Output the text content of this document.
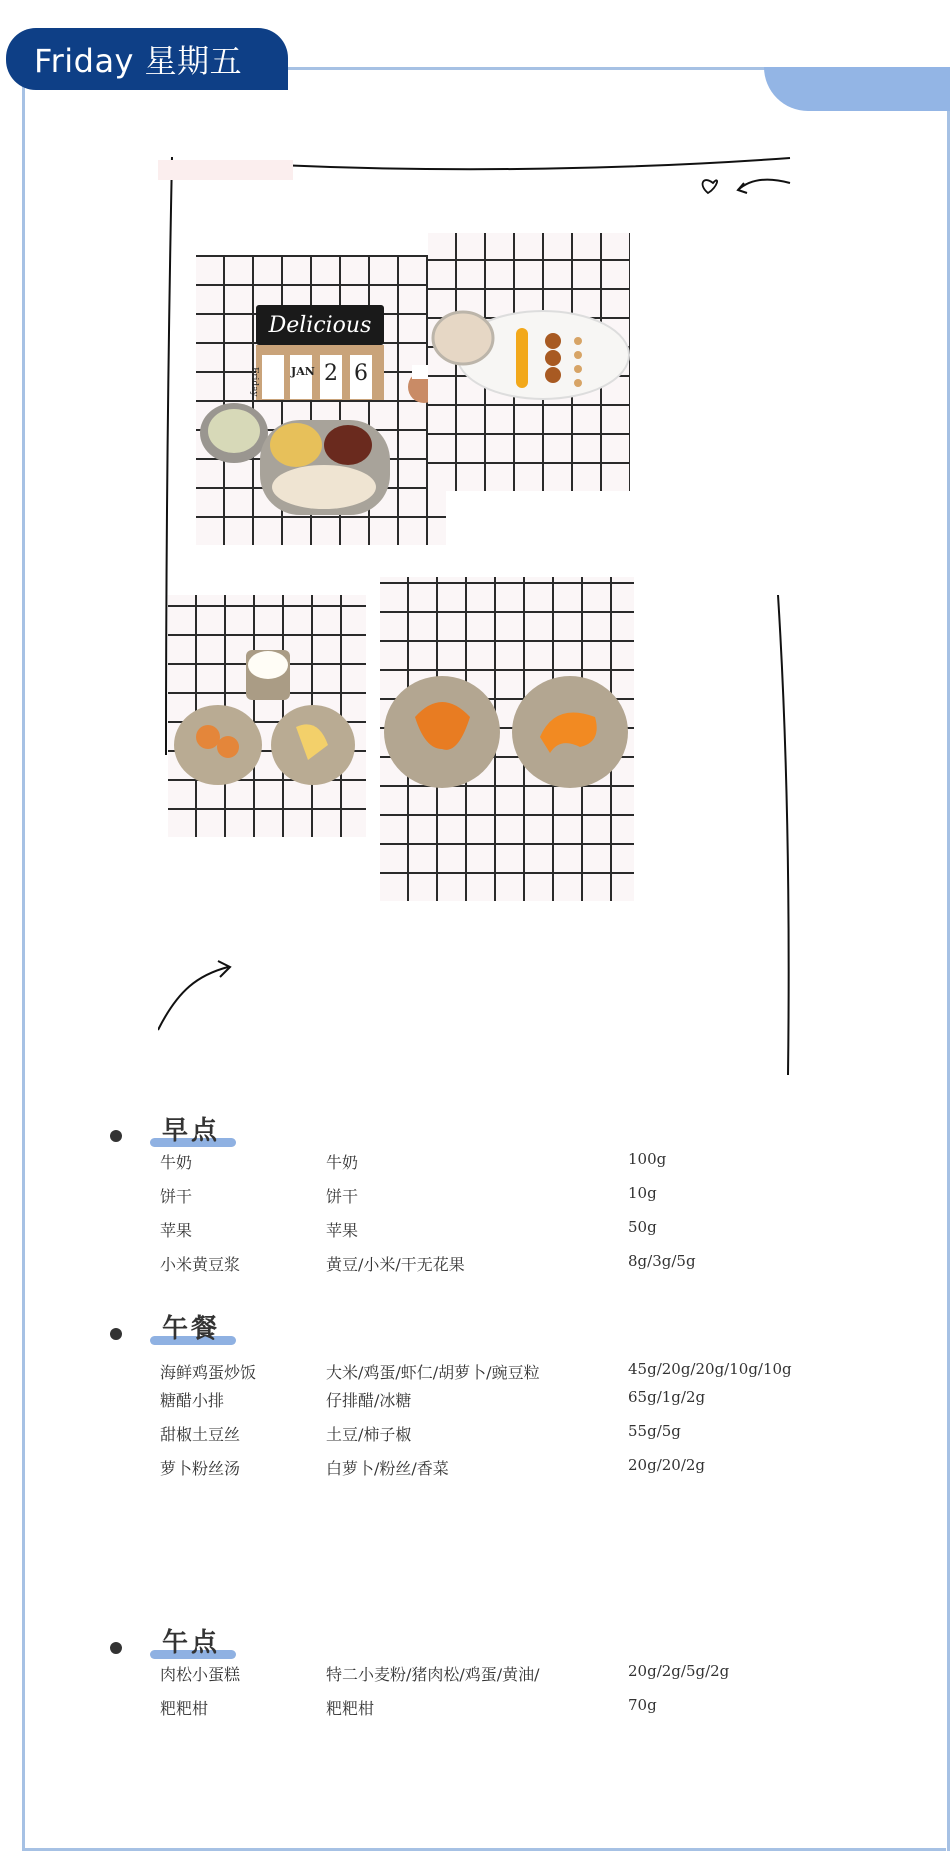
Friday 星期五
Delicious
Friday	JAN 2 6
早点
牛奶	牛奶	100g
饼干	饼干	10g
苹果	苹果	50g
小米黄豆浆	黄豆/小米/干无花果	8g/3g/5g
午餐
海鲜鸡蛋炒饭	大米/鸡蛋/虾仁/胡萝卜/豌豆粒	45g/20g/20g/10g/10g
糖醋小排	仔排醋/冰糖	65g/1g/2g
甜椒土豆丝	土豆/柿子椒	55g/5g
萝卜粉丝汤	白萝卜/粉丝/香菜	20g/20/2g
午点
肉松小蛋糕	特二小麦粉/猪肉松/鸡蛋/黄油/	20g/2g/5g/2g
粑粑柑	粑粑柑	70g
